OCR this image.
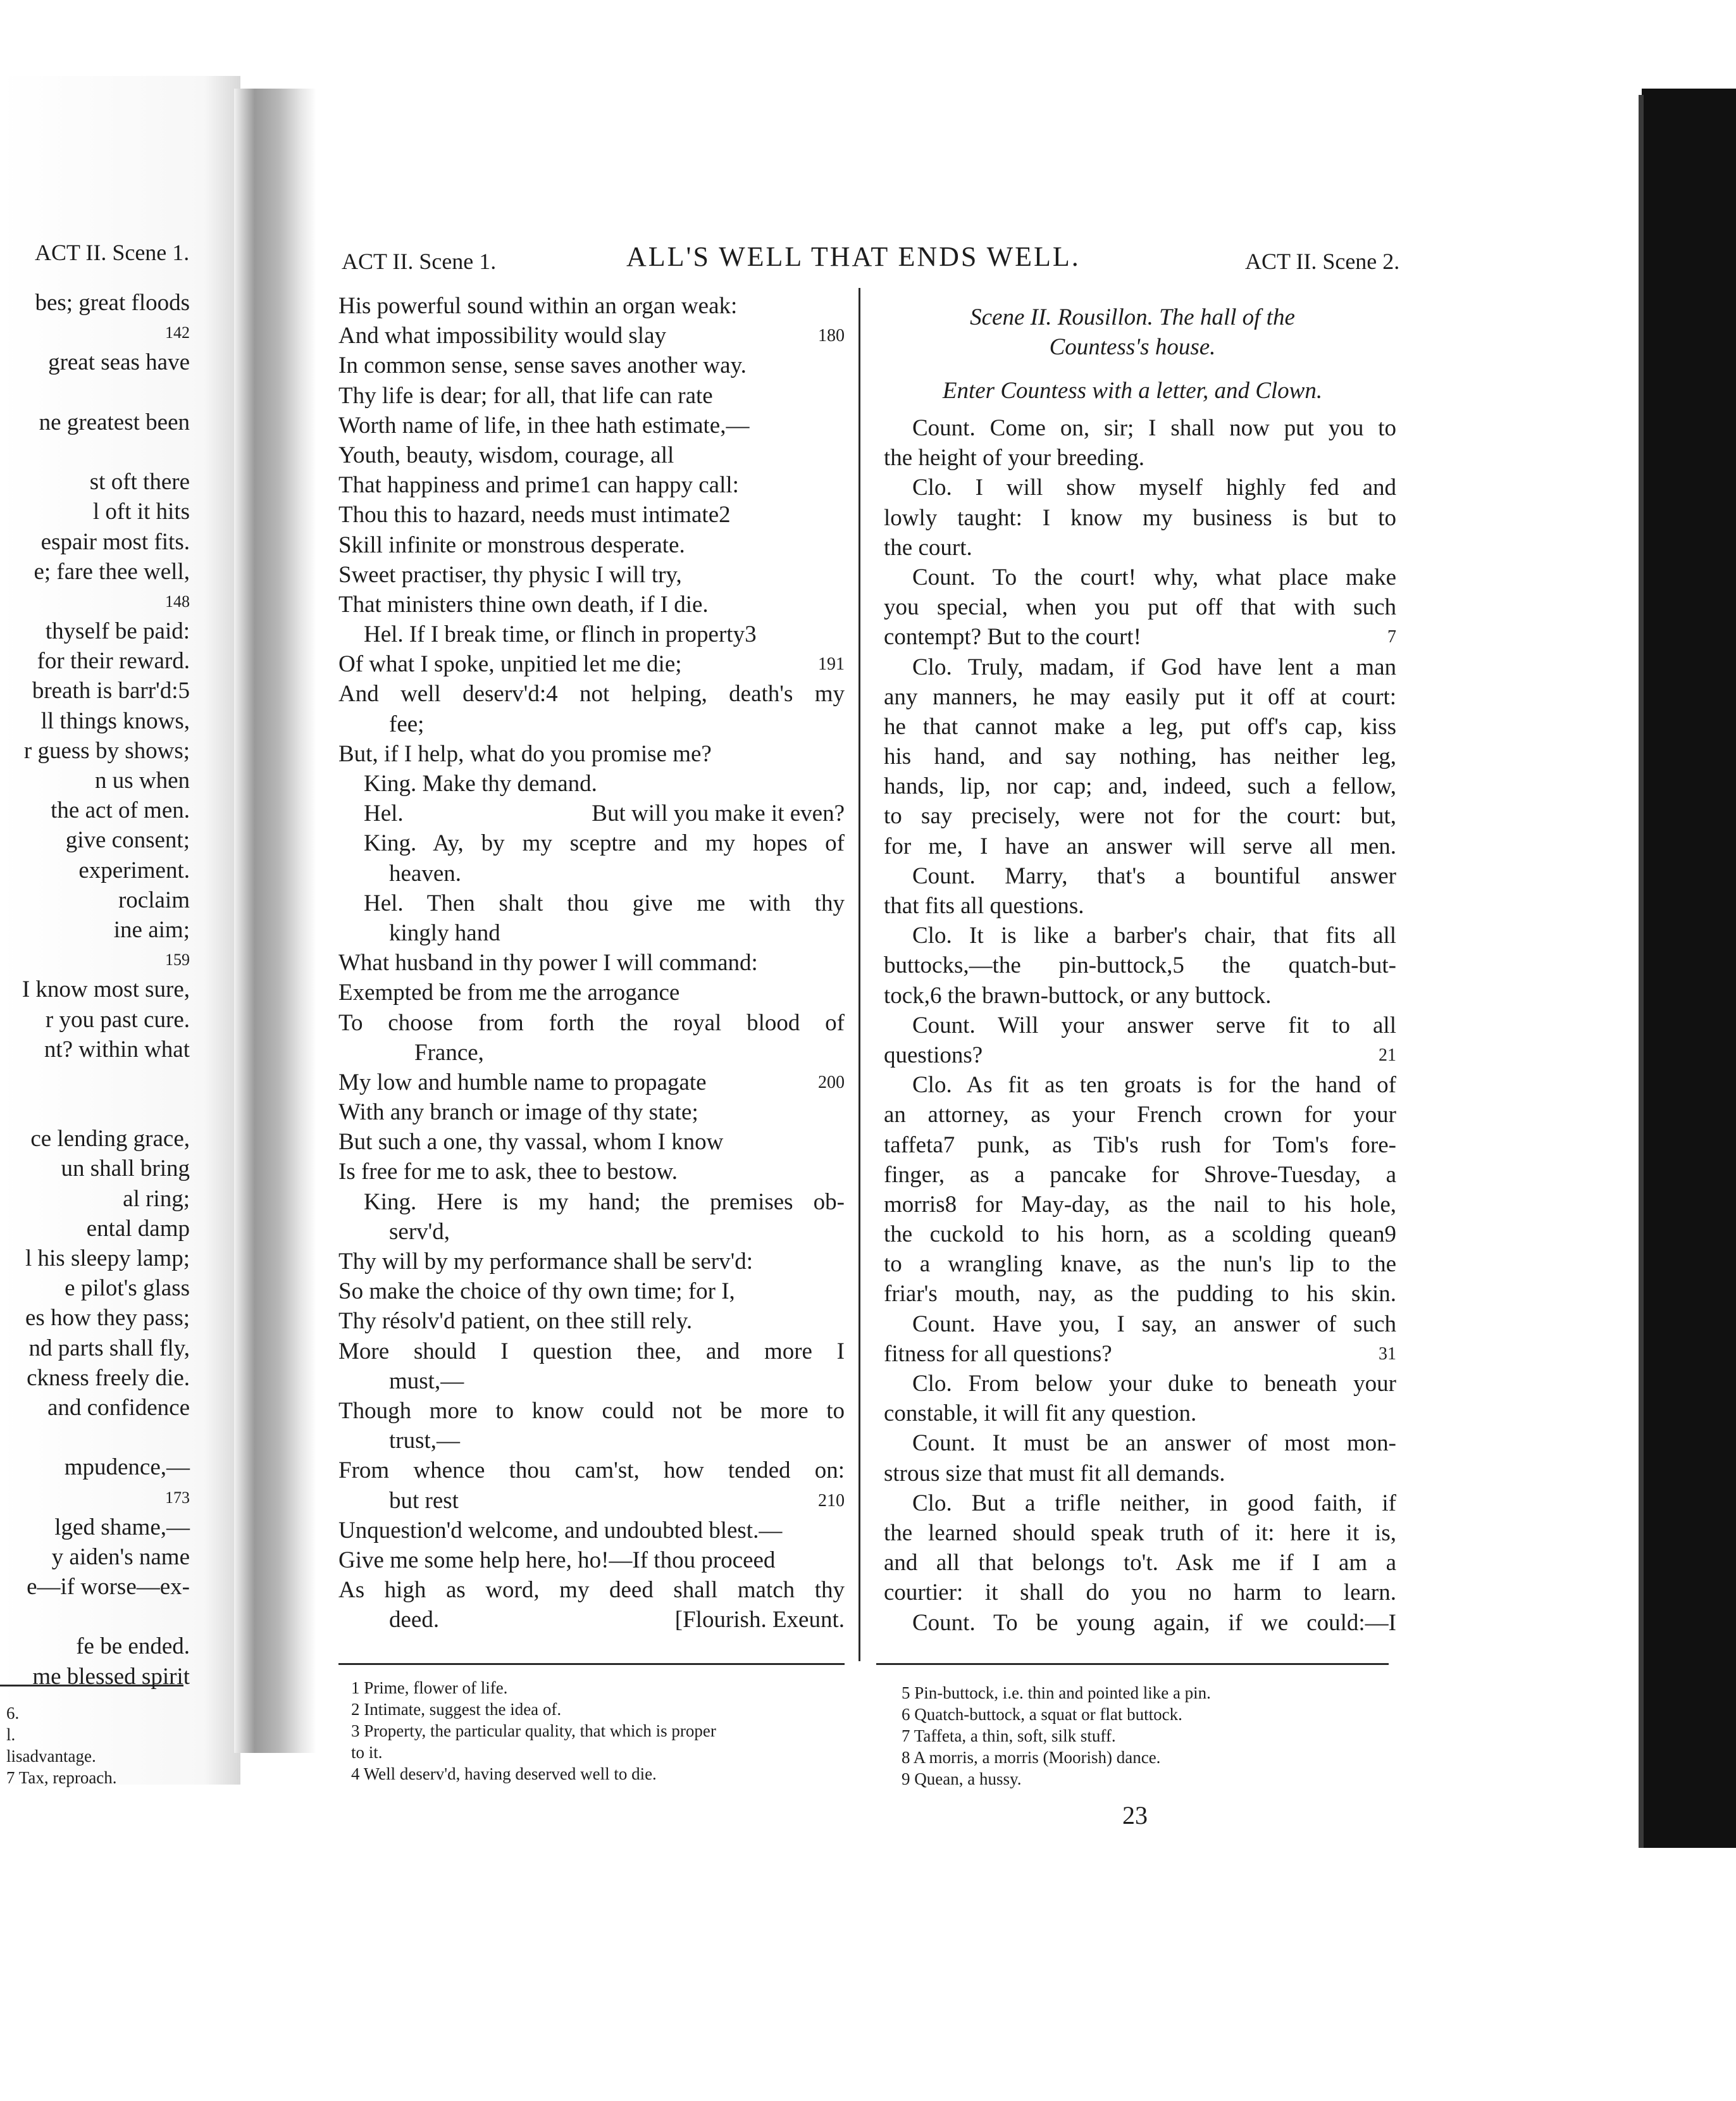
ACT II. Scene 1.
bes; great floods
142
great seas have
ne greatest been
st oft there
l oft it hits
espair most fits.
e; fare thee well,
148
thyself be paid:
for their reward.
breath is barr'd:5
ll things knows,
r guess by shows;
n us when
the act of men.
give consent;
experiment.
roclaim
ine aim;
159
I know most sure,
r you past cure.
nt? within what
ce lending grace,
un shall bring
al ring;
ental damp
l his sleepy lamp;
e pilot's glass
es how they pass;
nd parts shall fly,
ckness freely die.
and confidence
mpudence,—
173
lged shame,—
y aiden's name
e—if worse—ex-
fe be ended.
me blessed spirit
6.
l.
lisadvantage.
7 Tax, reproach.
ACT II. Scene 1.	ALL'S WELL THAT ENDS WELL.	ACT II. Scene 2.
His powerful sound within an organ weak:
And what impossibility would slay	180
In common sense, sense saves another way.
Thy life is dear; for all, that life can rate
Worth name of life, in thee hath estimate,—
Youth, beauty, wisdom, courage, all
That happiness and prime1 can happy call:
Thou this to hazard, needs must intimate2
Skill infinite or monstrous desperate.
Sweet practiser, thy physic I will try,
That ministers thine own death, if I die.
Hel. If I break time, or flinch in property3
Of what I spoke, unpitied let me die;	191
And well deserv'd:4 not helping, death's my
fee;
But, if I help, what do you promise me?
King. Make thy demand.
Hel.	But will you make it even?
King. Ay, by my sceptre and my hopes of
heaven.
Hel. Then shalt thou give me with thy
kingly hand
What husband in thy power I will command:
Exempted be from me the arrogance
To choose from forth the royal blood of
France,
My low and humble name to propagate	200
With any branch or image of thy state;
But such a one, thy vassal, whom I know
Is free for me to ask, thee to bestow.
King. Here is my hand; the premises ob-
serv'd,
Thy will by my performance shall be serv'd:
So make the choice of thy own time; for I,
Thy résolv'd patient, on thee still rely.
More should I question thee, and more I
must,—
Though more to know could not be more to
trust,—
From whence thou cam'st, how tended on:
but rest	210
Unquestion'd welcome, and undoubted blest.—
Give me some help here, ho!—If thou proceed
As high as word, my deed shall match thy
deed.	[Flourish. Exeunt.
Scene II. Rousillon. The hall of the
Countess's house.
Enter Countess with a letter, and Clown.
Count. Come on, sir; I shall now put you to
the height of your breeding.
Clo. I will show myself highly fed and
lowly taught: I know my business is but to
the court.
Count. To the court! why, what place make
you special, when you put off that with such
contempt? But to the court!	7
Clo. Truly, madam, if God have lent a man
any manners, he may easily put it off at court:
he that cannot make a leg, put off's cap, kiss
his hand, and say nothing, has neither leg,
hands, lip, nor cap; and, indeed, such a fellow,
to say precisely, were not for the court: but,
for me, I have an answer will serve all men.
Count. Marry, that's a bountiful answer
that fits all questions.
Clo. It is like a barber's chair, that fits all
buttocks,—the pin-buttock,5 the quatch-but-
tock,6 the brawn-buttock, or any buttock.
Count. Will your answer serve fit to all
questions?	21
Clo. As fit as ten groats is for the hand of
an attorney, as your French crown for your
taffeta7 punk, as Tib's rush for Tom's fore-
finger, as a pancake for Shrove-Tuesday, a
morris8 for May-day, as the nail to his hole,
the cuckold to his horn, as a scolding quean9
to a wrangling knave, as the nun's lip to the
friar's mouth, nay, as the pudding to his skin.
Count. Have you, I say, an answer of such
fitness for all questions?	31
Clo. From below your duke to beneath your
constable, it will fit any question.
Count. It must be an answer of most mon-
strous size that must fit all demands.
Clo. But a trifle neither, in good faith, if
the learned should speak truth of it: here it is,
and all that belongs to't. Ask me if I am a
courtier: it shall do you no harm to learn.
Count. To be young again, if we could:—I
1 Prime, flower of life.
2 Intimate, suggest the idea of.
3 Property, the particular quality, that which is proper
to it.
4 Well deserv'd, having deserved well to die.
5 Pin-buttock, i.e. thin and pointed like a pin.
6 Quatch-buttock, a squat or flat buttock.
7 Taffeta, a thin, soft, silk stuff.
8 A morris, a morris (Moorish) dance.
9 Quean, a hussy.
23
